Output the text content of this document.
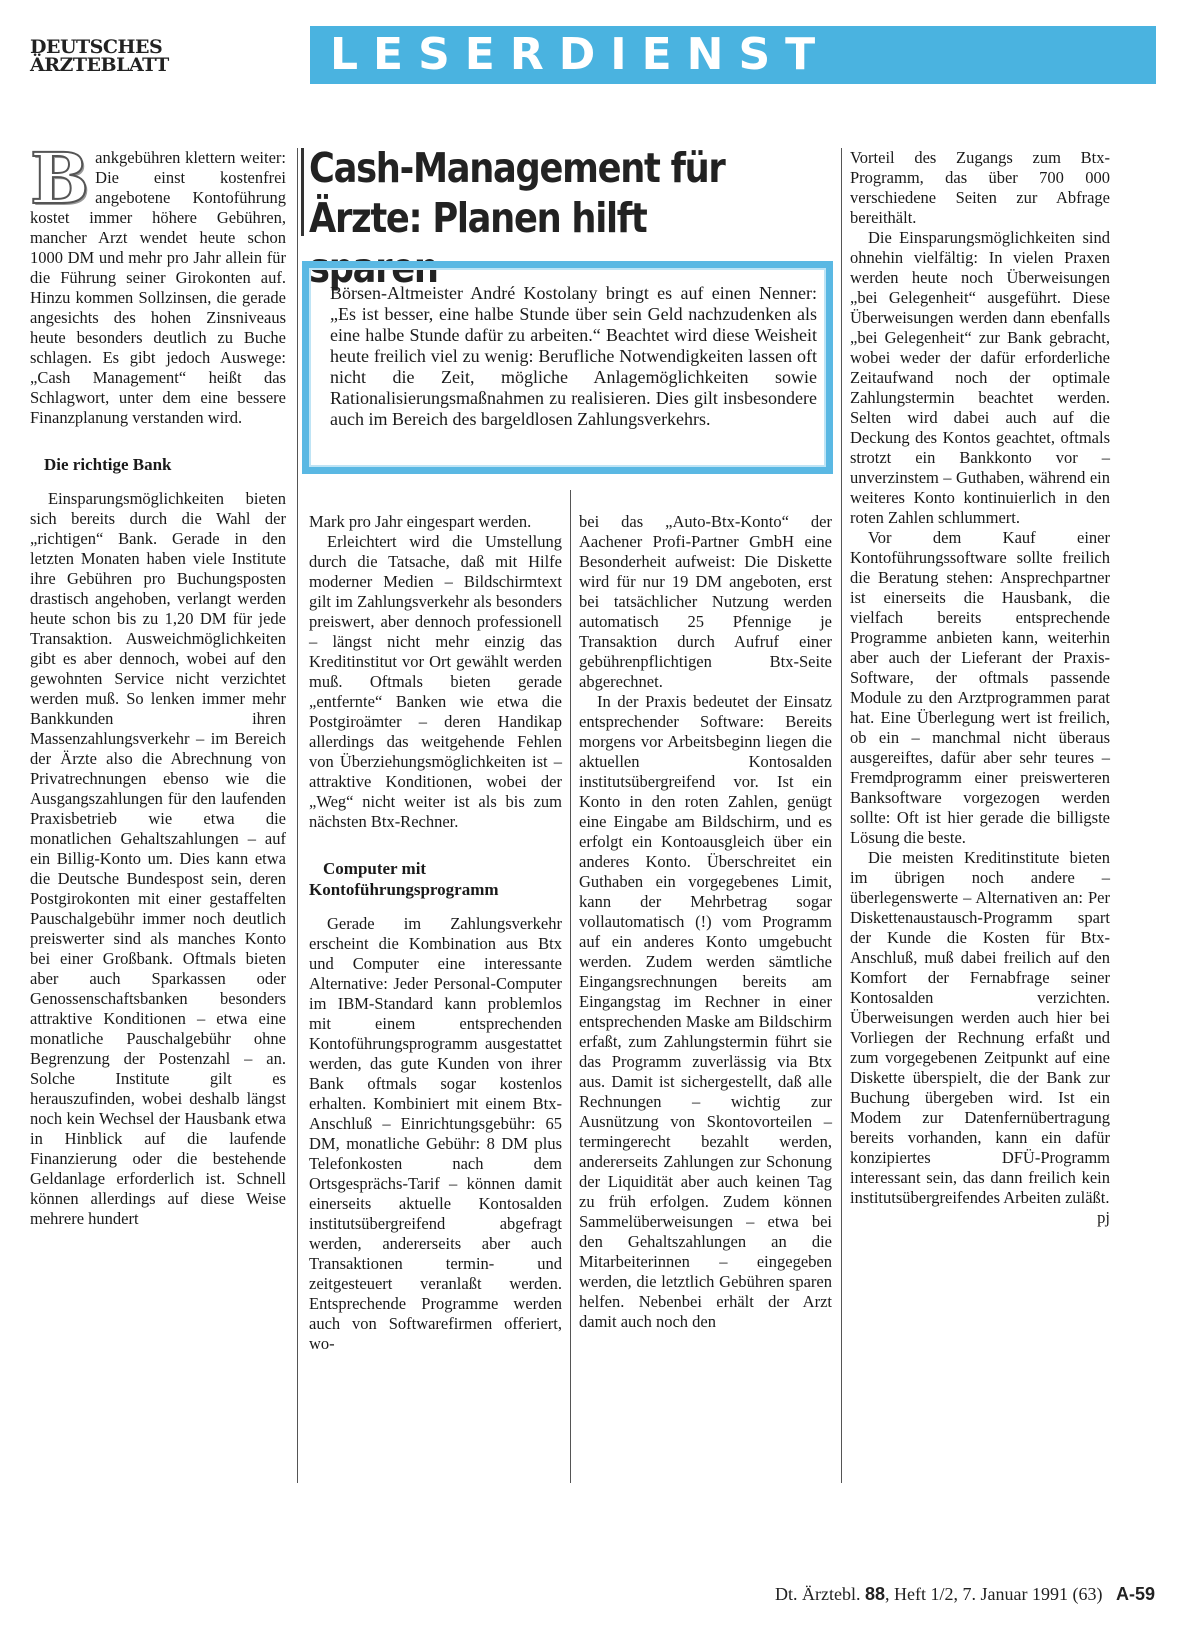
DEUTSCHES
ÄRZTEBLATT	LESERDIENST
Cash-Management für Ärzte: Planen hilft sparen
Börsen-Altmeister André Kostolany bringt es auf einen Nenner: „Es ist besser, eine halbe Stunde über sein Geld nachzudenken als eine halbe Stunde dafür zu arbeiten.“ Beachtet wird diese Weisheit heute freilich viel zu wenig: Berufliche Notwendigkeiten lassen oft nicht die Zeit, mögliche Anlagemöglichkeiten sowie Rationalisierungsmaßnahmen zu realisieren. Dies gilt insbesondere auch im Bereich des bargeldlosen Zahlungsverkehrs.
B ankgebühren klettern weiter: Die einst kostenfrei angebotene Kontoführung kostet immer höhere Gebühren, mancher Arzt wendet heute schon 1000 DM und mehr pro Jahr allein für die Führung seiner Girokonten auf. Hinzu kommen Sollzinsen, die gerade angesichts des hohen Zinsniveaus heute besonders deutlich zu Buche schlagen. Es gibt jedoch Auswege: „Cash Management“ heißt das Schlagwort, unter dem eine bessere Finanzplanung verstanden wird.

Die richtige Bank

Einsparungsmöglichkeiten bieten sich bereits durch die Wahl der „richtigen“ Bank. Gerade in den letzten Monaten haben viele Institute ihre Gebühren pro Buchungsposten drastisch angehoben, verlangt werden heute schon bis zu 1,20 DM für jede Transaktion. Ausweichmöglichkeiten gibt es aber dennoch, wobei auf den gewohnten Service nicht verzichtet werden muß. So lenken immer mehr Bankkunden ihren Massenzahlungsverkehr – im Bereich der Ärzte also die Abrechnung von Privatrechnungen ebenso wie die Ausgangszahlungen für den laufenden Praxisbetrieb wie etwa die monatlichen Gehaltszahlungen – auf ein Billig-Konto um. Dies kann etwa die Deutsche Bundespost sein, deren Postgirokonten mit einer gestaffelten Pauschalgebühr immer noch deutlich preiswerter sind als manches Konto bei einer Großbank. Oftmals bieten aber auch Sparkassen oder Genossenschaftsbanken besonders attraktive Konditionen – etwa eine monatliche Pauschalgebühr ohne Begrenzung der Postenzahl – an. Solche Institute gilt es herauszufinden, wobei deshalb längst noch kein Wechsel der Hausbank etwa in Hinblick auf die laufende Finanzierung oder die bestehende Geldanlage erforderlich ist. Schnell können allerdings auf diese Weise mehrere hundert

Mark pro Jahr eingespart werden.

Erleichtert wird die Umstellung durch die Tatsache, daß mit Hilfe moderner Medien – Bildschirmtext gilt im Zahlungsverkehr als besonders preiswert, aber dennoch professionell – längst nicht mehr einzig das Kreditinstitut vor Ort gewählt werden muß. Oftmals bieten gerade „entfernte“ Banken wie etwa die Postgiroämter – deren Handikap allerdings das weitgehende Fehlen von Überziehungsmöglichkeiten ist – attraktive Konditionen, wobei der „Weg“ nicht weiter ist als bis zum nächsten Btx-Rechner.

Computer mit Kontoführungsprogramm

Gerade im Zahlungsverkehr erscheint die Kombination aus Btx und Computer eine interessante Alternative: Jeder Personal-Computer im IBM-Standard kann problemlos mit einem entsprechenden Kontoführungsprogramm ausgestattet werden, das gute Kunden von ihrer Bank oftmals sogar kostenlos erhalten. Kombiniert mit einem Btx-Anschluß – Einrichtungsgebühr: 65 DM, monatliche Gebühr: 8 DM plus Telefonkosten nach dem Ortsgesprächs-Tarif – können damit einerseits aktuelle Kontosalden institutsübergreifend abgefragt werden, andererseits aber auch Transaktionen termin- und zeitgesteuert veranlaßt werden. Entsprechende Programme werden auch von Softwarefirmen offeriert, wo-

bei das „Auto-Btx-Konto“ der Aachener Profi-Partner GmbH eine Besonderheit aufweist: Die Diskette wird für nur 19 DM angeboten, erst bei tatsächlicher Nutzung werden automatisch 25 Pfennige je Transaktion durch Aufruf einer gebührenpflichtigen Btx-Seite abgerechnet.

In der Praxis bedeutet der Einsatz entsprechender Software: Bereits morgens vor Arbeitsbeginn liegen die aktuellen Kontosalden institutsübergreifend vor. Ist ein Konto in den roten Zahlen, genügt eine Eingabe am Bildschirm, und es erfolgt ein Kontoausgleich über ein anderes Konto. Überschreitet ein Guthaben ein vorgegebenes Limit, kann der Mehrbetrag sogar vollautomatisch (!) vom Programm auf ein anderes Konto umgebucht werden. Zudem werden sämtliche Eingangsrechnungen bereits am Eingangstag im Rechner in einer entsprechenden Maske am Bildschirm erfaßt, zum Zahlungstermin führt sie das Programm zuverlässig via Btx aus. Damit ist sichergestellt, daß alle Rechnungen – wichtig zur Ausnützung von Skontovorteilen – termingerecht bezahlt werden, andererseits Zahlungen zur Schonung der Liquidität aber auch keinen Tag zu früh erfolgen. Zudem können Sammelüberweisungen – etwa bei den Gehaltszahlungen an die Mitarbeiterinnen – eingegeben werden, die letztlich Gebühren sparen helfen. Nebenbei erhält der Arzt damit auch noch den

Vorteil des Zugangs zum Btx-Programm, das über 700 000 verschiedene Seiten zur Abfrage bereithält.

Die Einsparungsmöglichkeiten sind ohnehin vielfältig: In vielen Praxen werden heute noch Überweisungen „bei Gelegenheit“ ausgeführt. Diese Überweisungen werden dann ebenfalls „bei Gelegenheit“ zur Bank gebracht, wobei weder der dafür erforderliche Zeitaufwand noch der optimale Zahlungstermin beachtet werden. Selten wird dabei auch auf die Deckung des Kontos geachtet, oftmals strotzt ein Bankkonto vor – unverzinstem – Guthaben, während ein weiteres Konto kontinuierlich in den roten Zahlen schlummert.

Vor dem Kauf einer Kontoführungssoftware sollte freilich die Beratung stehen: Ansprechpartner ist einerseits die Hausbank, die vielfach bereits entsprechende Programme anbieten kann, weiterhin aber auch der Lieferant der Praxis-Software, der oftmals passende Module zu den Arztprogrammen parat hat. Eine Überlegung wert ist freilich, ob ein – manchmal nicht überaus ausgereiftes, dafür aber sehr teures – Fremdprogramm einer preiswerteren Banksoftware vorgezogen werden sollte: Oft ist hier gerade die billigste Lösung die beste.

Die meisten Kreditinstitute bieten im übrigen noch andere – überlegenswerte – Alternativen an: Per Diskettenaustausch-Programm spart der Kunde die Kosten für Btx-Anschluß, muß dabei freilich auf den Komfort der Fernabfrage seiner Kontosalden verzichten. Überweisungen werden auch hier bei Vorliegen der Rechnung erfaßt und zum vorgegebenen Zeitpunkt auf eine Diskette überspielt, die der Bank zur Buchung übergeben wird. Ist ein Modem zur Datenfernübertragung bereits vorhanden, kann ein dafür konzipiertes DFÜ-Programm interessant sein, das dann freilich kein institutsübergreifendes Arbeiten zuläßt.
pj

Dt. Ärztebl. 88, Heft 1/2, 7. Januar 1991 (63) A-59
